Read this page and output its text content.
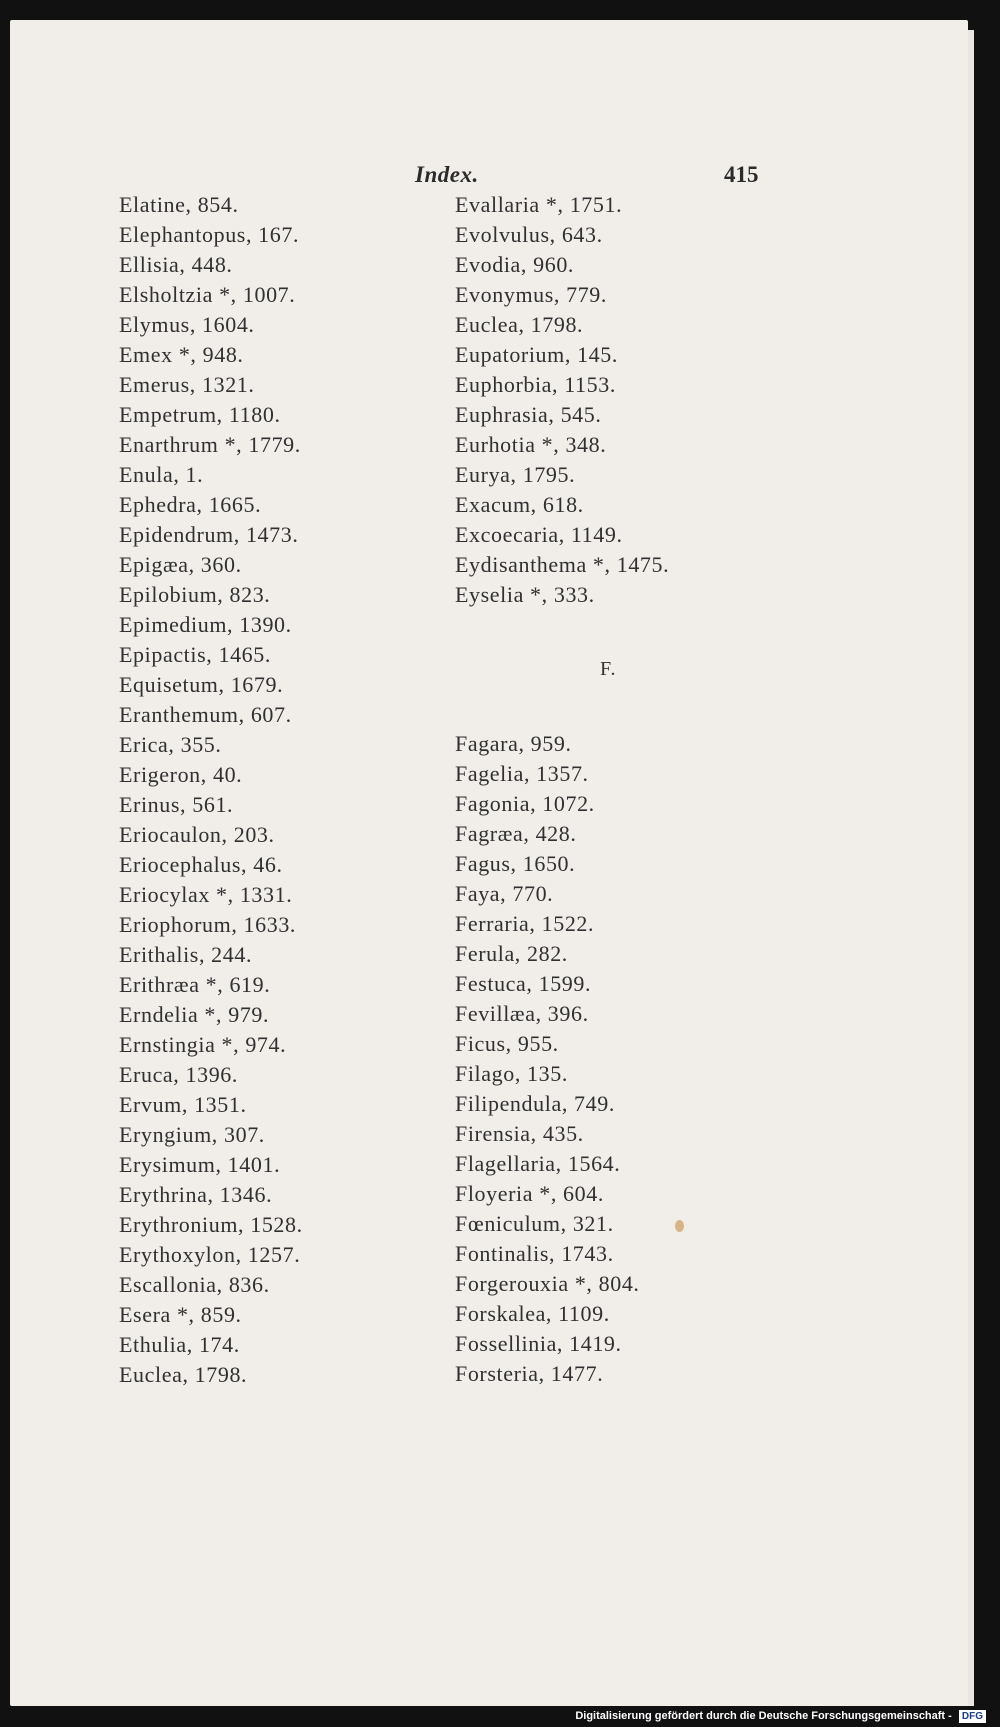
Index.	415
Elatine, 854.
Elephantopus, 167.
Ellisia, 448.
Elsholtzia *, 1007.
Elymus, 1604.
Emex *, 948.
Emerus, 1321.
Empetrum, 1180.
Enarthrum *, 1779.
Enula, 1.
Ephedra, 1665.
Epidendrum, 1473.
Epigæa, 360.
Epilobium, 823.
Epimedium, 1390.
Epipactis, 1465.
Equisetum, 1679.
Eranthemum, 607.
Erica, 355.
Erigeron, 40.
Erinus, 561.
Eriocaulon, 203.
Eriocephalus, 46.
Eriocylax *, 1331.
Eriophorum, 1633.
Erithalis, 244.
Erithræa *, 619.
Erndelia *, 979.
Ernstingia *, 974.
Eruca, 1396.
Ervum, 1351.
Eryngium, 307.
Erysimum, 1401.
Erythrina, 1346.
Erythronium, 1528.
Erythoxylon, 1257.
Escallonia, 836.
Esera *, 859.
Ethulia, 174.
Euclea, 1798.
Evallaria *, 1751.
Evolvulus, 643.
Evodia, 960.
Evonymus, 779.
Euclea, 1798.
Eupatorium, 145.
Euphorbia, 1153.
Euphrasia, 545.
Eurhotia *, 348.
Eurya, 1795.
Exacum, 618.
Excoecaria, 1149.
Eydisanthema *, 1475.
Eyselia *, 333.
F.
Fagara, 959.
Fagelia, 1357.
Fagonia, 1072.
Fagræa, 428.
Fagus, 1650.
Faya, 770.
Ferraria, 1522.
Ferula, 282.
Festuca, 1599.
Fevillæa, 396.
Ficus, 955.
Filago, 135.
Filipendula, 749.
Firensia, 435.
Flagellaria, 1564.
Floyeria *, 604.
Fœniculum, 321.
Fontinalis, 1743.
Forgerouxia *, 804.
Forskalea, 1109.
Fossellinia, 1419.
Forsteria, 1477.
Digitalisierung gefördert durch die Deutsche Forschungsgemeinschaft - DFG
